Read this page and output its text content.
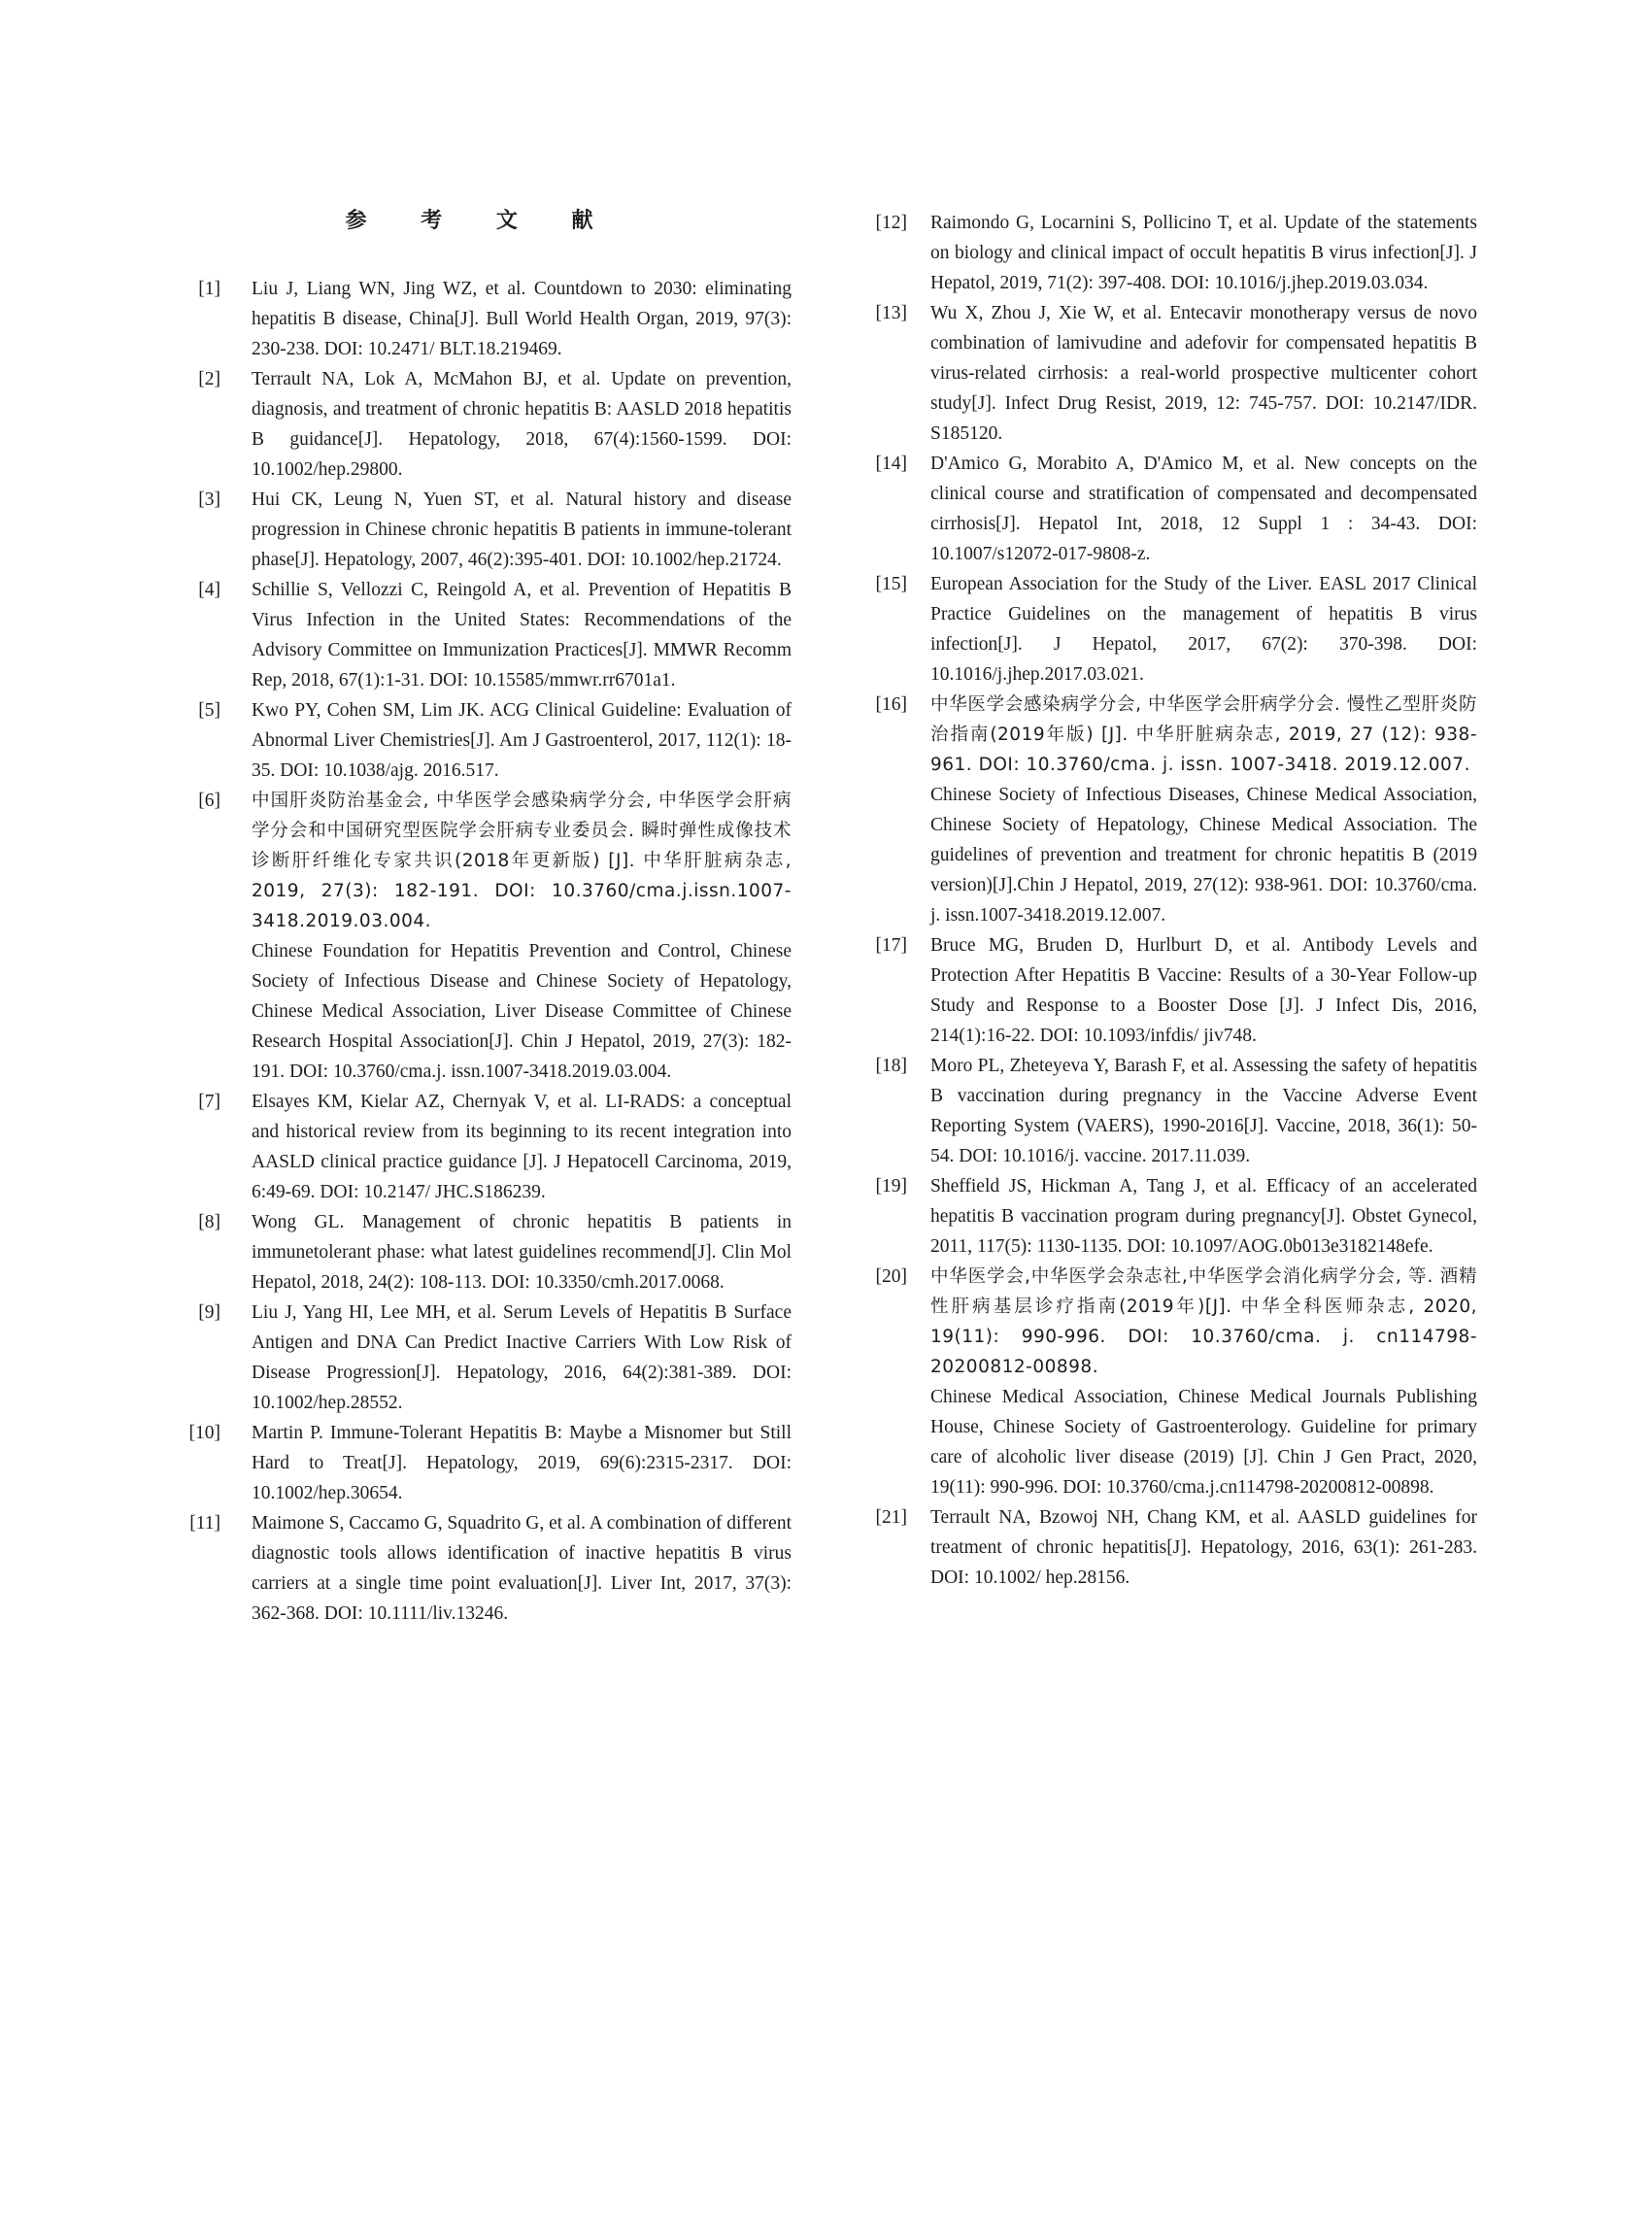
参 考 文 献
[1] Liu J, Liang WN, Jing WZ, et al. Countdown to 2030: eliminating hepatitis B disease, China[J]. Bull World Health Organ, 2019, 97(3): 230-238. DOI: 10.2471/ BLT.18.219469.
[2] Terrault NA, Lok A, McMahon BJ, et al. Update on prevention, diagnosis, and treatment of chronic hepatitis B: AASLD 2018 hepatitis B guidance[J]. Hepatology, 2018, 67(4):1560-1599. DOI: 10.1002/hep.29800.
[3] Hui CK, Leung N, Yuen ST, et al. Natural history and disease progression in Chinese chronic hepatitis B patients in immune-tolerant phase[J]. Hepatology, 2007, 46(2):395-401. DOI: 10.1002/hep.21724.
[4] Schillie S, Vellozzi C, Reingold A, et al. Prevention of Hepatitis B Virus Infection in the United States: Recommendations of the Advisory Committee on Immunization Practices[J]. MMWR Recomm Rep, 2018, 67(1):1-31. DOI: 10.15585/mmwr.rr6701a1.
[5] Kwo PY, Cohen SM, Lim JK. ACG Clinical Guideline: Evaluation of Abnormal Liver Chemistries[J]. Am J Gastroenterol, 2017, 112(1): 18-35. DOI: 10.1038/ajg. 2016.517.
[6] 中国肝炎防治基金会, 中华医学会感染病学分会, 中华医学会肝病学分会和中国研究型医院学会肝病专业委员会. 瞬时弹性成像技术诊断肝纤维化专家共识(2018年更新版) [J]. 中华肝脏病杂志, 2019, 27(3): 182-191. DOI: 10.3760/cma.j.issn.1007-3418.2019.03.004.
Chinese Foundation for Hepatitis Prevention and Control, Chinese Society of Infectious Disease and Chinese Society of Hepatology, Chinese Medical Association, Liver Disease Committee of Chinese Research Hospital Association[J]. Chin J Hepatol, 2019, 27(3): 182-191. DOI: 10.3760/cma.j. issn.1007-3418.2019.03.004.
[7] Elsayes KM, Kielar AZ, Chernyak V, et al. LI-RADS: a conceptual and historical review from its beginning to its recent integration into AASLD clinical practice guidance [J]. J Hepatocell Carcinoma, 2019, 6:49-69. DOI: 10.2147/ JHC.S186239.
[8] Wong GL. Management of chronic hepatitis B patients in immunetolerant phase: what latest guidelines recommend[J]. Clin Mol Hepatol, 2018, 24(2): 108-113. DOI: 10.3350/cmh.2017.0068.
[9] Liu J, Yang HI, Lee MH, et al. Serum Levels of Hepatitis B Surface Antigen and DNA Can Predict Inactive Carriers With Low Risk of Disease Progression[J]. Hepatology, 2016, 64(2):381-389. DOI: 10.1002/hep.28552.
[10] Martin P. Immune-Tolerant Hepatitis B: Maybe a Misnomer but Still Hard to Treat[J]. Hepatology, 2019, 69(6):2315-2317. DOI: 10.1002/hep.30654.
[11] Maimone S, Caccamo G, Squadrito G, et al. A combination of different diagnostic tools allows identification of inactive hepatitis B virus carriers at a single time point evaluation[J]. Liver Int, 2017, 37(3): 362-368. DOI: 10.1111/liv.13246.
[12] Raimondo G, Locarnini S, Pollicino T, et al. Update of the statements on biology and clinical impact of occult hepatitis B virus infection[J]. J Hepatol, 2019, 71(2): 397-408. DOI: 10.1016/j.jhep.2019.03.034.
[13] Wu X, Zhou J, Xie W, et al. Entecavir monotherapy versus de novo combination of lamivudine and adefovir for compensated hepatitis B virus-related cirrhosis: a real-world prospective multicenter cohort study[J]. Infect Drug Resist, 2019, 12: 745-757. DOI: 10.2147/IDR. S185120.
[14] D'Amico G, Morabito A, D'Amico M, et al. New concepts on the clinical course and stratification of compensated and decompensated cirrhosis[J]. Hepatol Int, 2018, 12 Suppl 1 : 34-43. DOI: 10.1007/s12072-017-9808-z.
[15] European Association for the Study of the Liver. EASL 2017 Clinical Practice Guidelines on the management of hepatitis B virus infection[J]. J Hepatol, 2017, 67(2): 370-398. DOI: 10.1016/j.jhep.2017.03.021.
[16] 中华医学会感染病学分会, 中华医学会肝病学分会. 慢性乙型肝炎防治指南(2019年版) [J]. 中华肝脏病杂志, 2019, 27 (12): 938-961. DOI: 10.3760/cma. j. issn. 1007-3418. 2019.12.007.
Chinese Society of Infectious Diseases, Chinese Medical Association, Chinese Society of Hepatology, Chinese Medical Association. The guidelines of prevention and treatment for chronic hepatitis B (2019 version)[J].Chin J Hepatol, 2019, 27(12): 938-961. DOI: 10.3760/cma. j. issn.1007-3418.2019.12.007.
[17] Bruce MG, Bruden D, Hurlburt D, et al. Antibody Levels and Protection After Hepatitis B Vaccine: Results of a 30-Year Follow-up Study and Response to a Booster Dose [J]. J Infect Dis, 2016, 214(1):16-22. DOI: 10.1093/infdis/ jiv748.
[18] Moro PL, Zheteyeva Y, Barash F, et al. Assessing the safety of hepatitis B vaccination during pregnancy in the Vaccine Adverse Event Reporting System (VAERS), 1990-2016[J]. Vaccine, 2018, 36(1): 50-54. DOI: 10.1016/j. vaccine. 2017.11.039.
[19] Sheffield JS, Hickman A, Tang J, et al. Efficacy of an accelerated hepatitis B vaccination program during pregnancy[J]. Obstet Gynecol, 2011, 117(5): 1130-1135. DOI: 10.1097/AOG.0b013e3182148efe.
[20] 中华医学会,中华医学会杂志社,中华医学会消化病学分会, 等. 酒精性肝病基层诊疗指南(2019年)[J]. 中华全科医师杂志, 2020, 19(11): 990-996. DOI: 10.3760/cma. j. cn114798-20200812-00898.
Chinese Medical Association, Chinese Medical Journals Publishing House, Chinese Society of Gastroenterology. Guideline for primary care of alcoholic liver disease (2019) [J]. Chin J Gen Pract, 2020, 19(11): 990-996. DOI: 10.3760/cma.j.cn114798-20200812-00898.
[21] Terrault NA, Bzowoj NH, Chang KM, et al. AASLD guidelines for treatment of chronic hepatitis[J]. Hepatology, 2016, 63(1): 261-283. DOI: 10.1002/ hep.28156.
